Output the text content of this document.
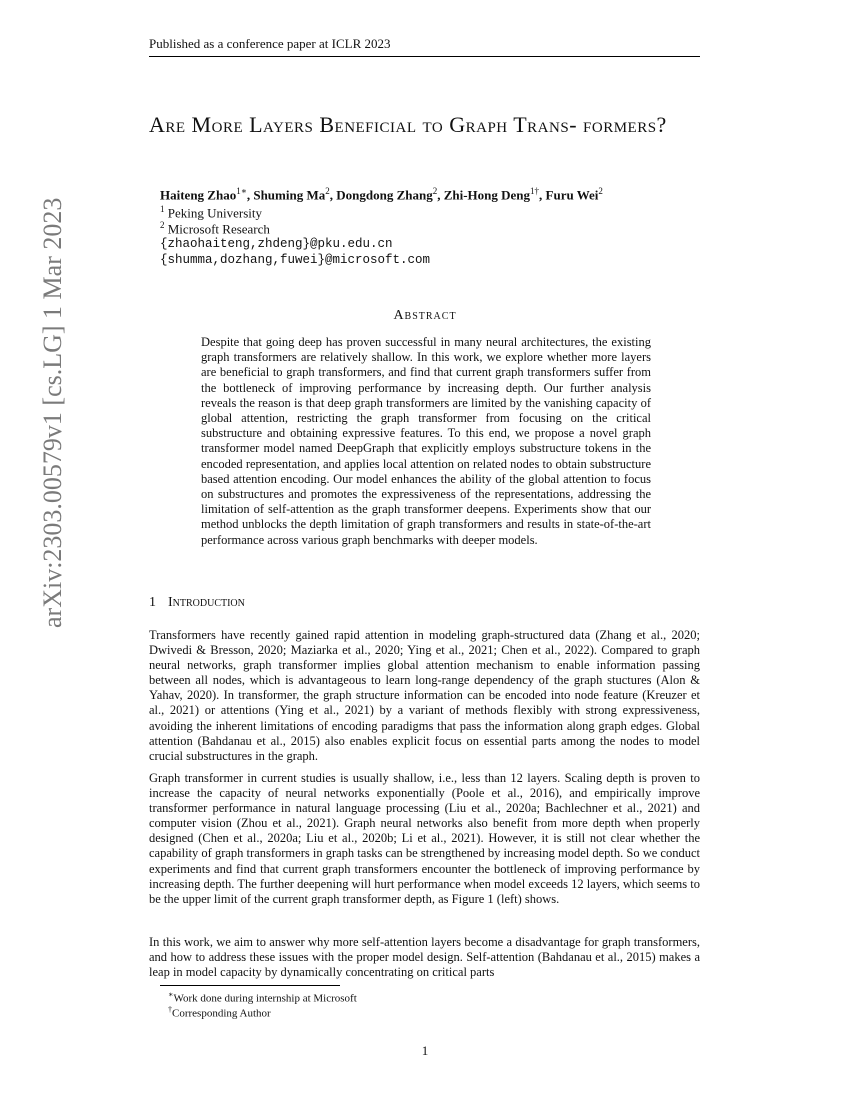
arXiv:2303.00579v1 [cs.LG] 1 Mar 2023
Published as a conference paper at ICLR 2023
Are More Layers Beneficial to Graph Trans- formers?
Haiteng Zhao$^{1∗}$, Shuming Ma$^2$, Dongdong Zhang$^2$, Zhi-Hong Deng$^{1\dagger}$, Furu Wei$^2$
$^1$ Peking University
$^2$ Microsoft Research
{zhaohaiteng,zhdeng}@pku.edu.cn
{shumma,dozhang,fuwei}@microsoft.com
Abstract
Despite that going deep has proven successful in many neural architectures, the existing graph transformers are relatively shallow. In this work, we explore whether more layers are beneficial to graph transformers, and find that current graph transformers suffer from the bottleneck of improving performance by increasing depth. Our further analysis reveals the reason is that deep graph transformers are limited by the vanishing capacity of global attention, restricting the graph transformer from focusing on the critical substructure and obtaining expressive features. To this end, we propose a novel graph transformer model named DeepGraph that explicitly employs substructure tokens in the encoded representation, and applies local attention on related nodes to obtain substructure based attention encoding. Our model enhances the ability of the global attention to focus on substructures and promotes the expressiveness of the representations, addressing the limitation of self-attention as the graph transformer deepens. Experiments show that our method unblocks the depth limitation of graph transformers and results in state-of-the-art performance across various graph benchmarks with deeper models.
1 Introduction
Transformers have recently gained rapid attention in modeling graph-structured data (Zhang et al., 2020; Dwivedi & Bresson, 2020; Maziarka et al., 2020; Ying et al., 2021; Chen et al., 2022). Compared to graph neural networks, graph transformer implies global attention mechanism to enable information passing between all nodes, which is advantageous to learn long-range dependency of the graph stuctures (Alon & Yahav, 2020). In transformer, the graph structure information can be encoded into node feature (Kreuzer et al., 2021) or attentions (Ying et al., 2021) by a variant of methods flexibly with strong expressiveness, avoiding the inherent limitations of encoding paradigms that pass the information along graph edges. Global attention (Bahdanau et al., 2015) also enables explicit focus on essential parts among the nodes to model crucial substructures in the graph.
Graph transformer in current studies is usually shallow, i.e., less than 12 layers. Scaling depth is proven to increase the capacity of neural networks exponentially (Poole et al., 2016), and empirically improve transformer performance in natural language processing (Liu et al., 2020a; Bachlechner et al., 2021) and computer vision (Zhou et al., 2021). Graph neural networks also benefit from more depth when properly designed (Chen et al., 2020a; Liu et al., 2020b; Li et al., 2021). However, it is still not clear whether the capability of graph transformers in graph tasks can be strengthened by increasing model depth. So we conduct experiments and find that current graph transformers encounter the bottleneck of improving performance by increasing depth. The further deepening will hurt performance when model exceeds 12 layers, which seems to be the upper limit of the current graph transformer depth, as Figure 1 (left) shows.
In this work, we aim to answer why more self-attention layers become a disadvantage for graph transformers, and how to address these issues with the proper model design. Self-attention (Bahdanau et al., 2015) makes a leap in model capacity by dynamically concentrating on critical parts
∗Work done during internship at Microsoft
†Corresponding Author
1
